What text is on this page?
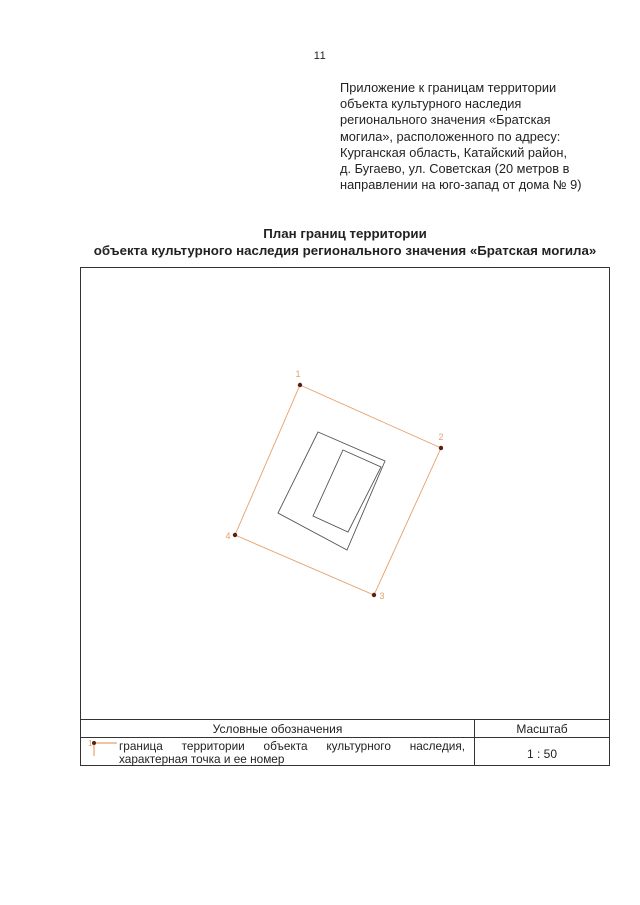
11
Приложение к границам территории
объекта культурного наследия
регионального значения «Братская
могила», расположенного по адресу:
Курганская область, Катайский район,
д. Бугаево, ул. Советская (20 метров в
направлении на юго-запад от дома № 9)
План границ территории
объекта культурного наследия регионального значения «Братская могила»
1
2
3
4
Условные обозначения	Масштаб
1 граница территории объекта культурного наследия,
характерная точка и ее номер	1 : 50
